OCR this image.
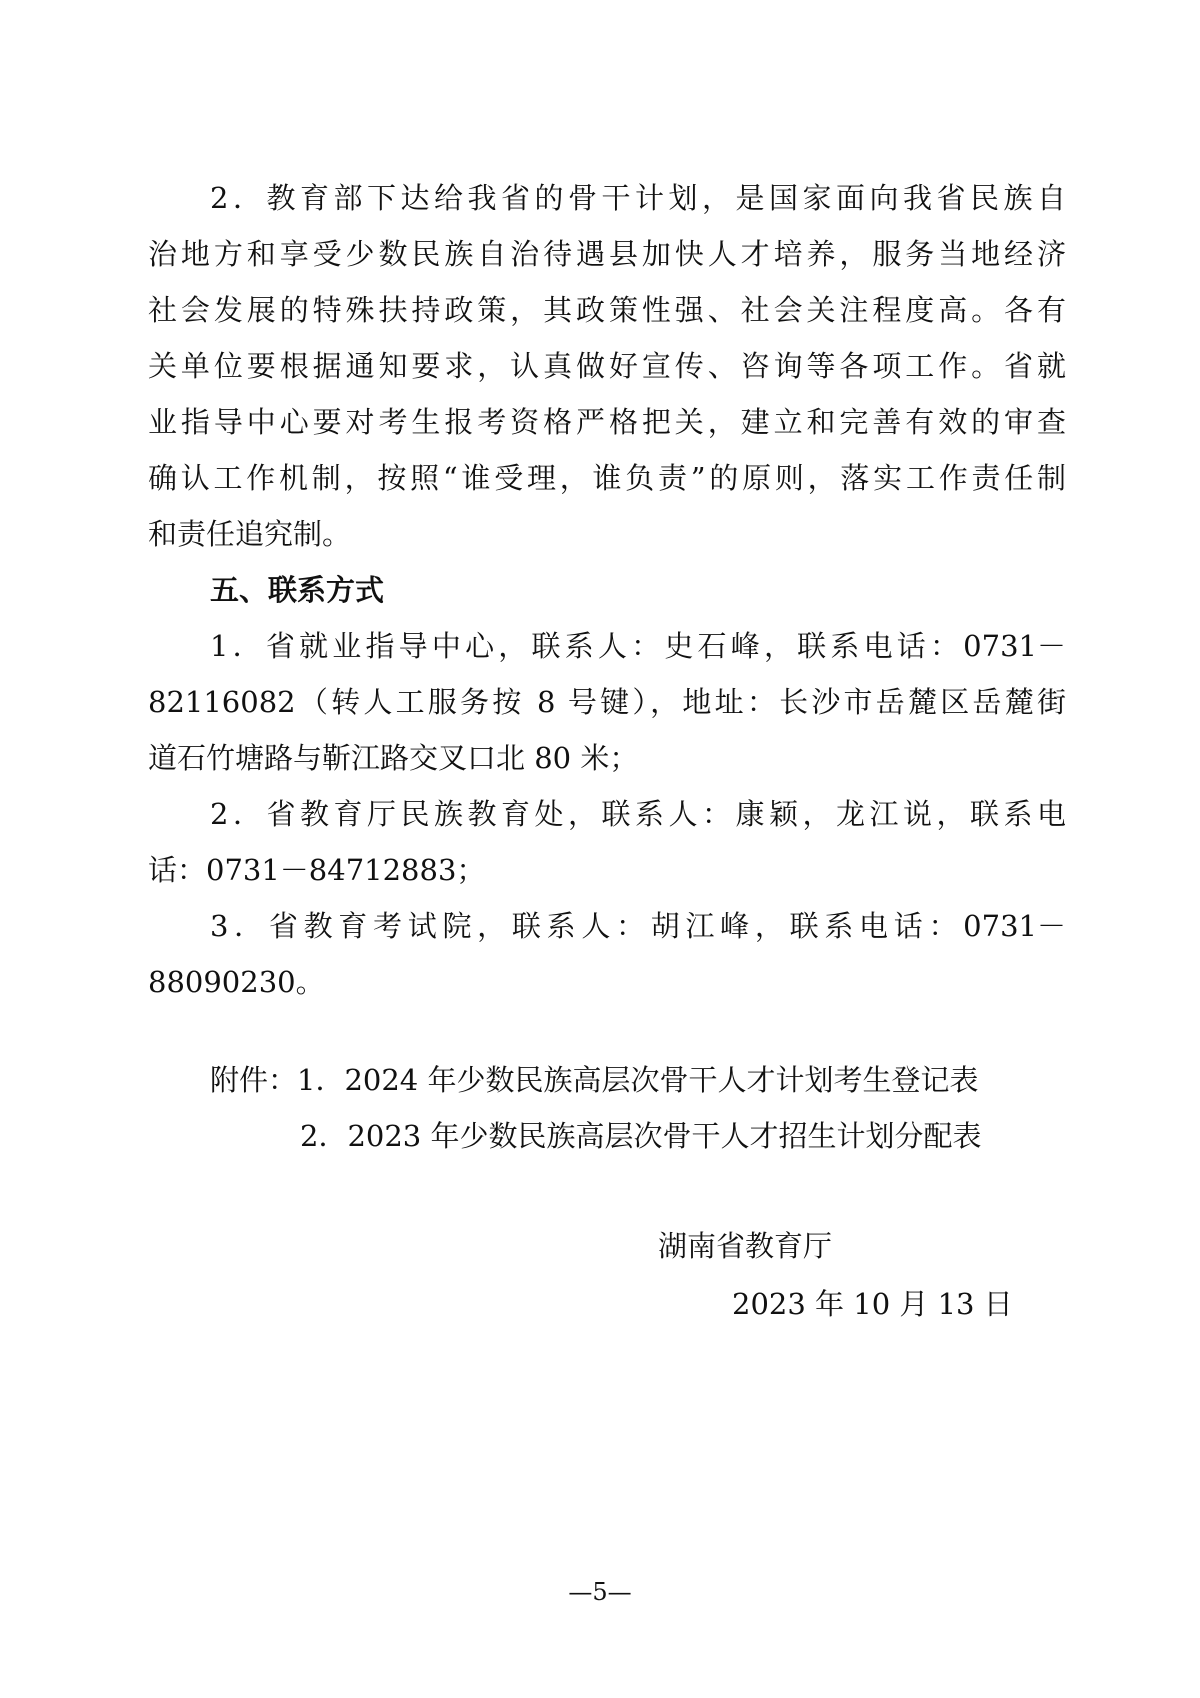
2．教育部下达给我省的骨干计划，是国家面向我省民族自
治地方和享受少数民族自治待遇县加快人才培养，服务当地经济
社会发展的特殊扶持政策，其政策性强、社会关注程度高。各有
关单位要根据通知要求，认真做好宣传、咨询等各项工作。省就
业指导中心要对考生报考资格严格把关，建立和完善有效的审查
确认工作机制，按照“谁受理，谁负责”的原则，落实工作责任制
和责任追究制。
五、联系方式
1．省就业指导中心，联系人：史石峰，联系电话：0731－
82116082（转人工服务按 8 号键），地址：长沙市岳麓区岳麓街
道石竹塘路与靳江路交叉口北 80 米；
2．省教育厅民族教育处，联系人：康颖，龙江说，联系电
话：0731－84712883；
3．省教育考试院，联系人：胡江峰，联系电话：0731－
88090230。
附件：1．2024 年少数民族高层次骨干人才计划考生登记表
2．2023 年少数民族高层次骨干人才招生计划分配表
湖南省教育厅
2023 年 10 月 13 日
—5—
